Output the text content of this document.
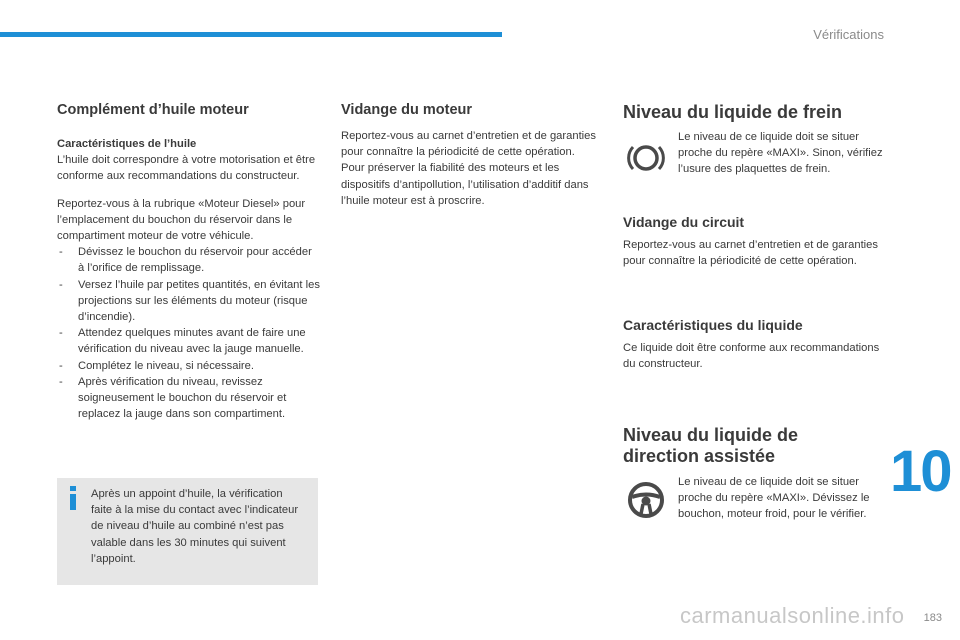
Vérifications
Complément d’huile moteur

Caractéristiques de l’huile

L’huile doit correspondre à votre motorisation et être conforme aux recommandations du constructeur.

Reportez-vous à la rubrique «Moteur Diesel» pour l’emplacement du bouchon du réservoir dans le compartiment moteur de votre véhicule.

- Dévissez le bouchon du réservoir pour accéder à l’orifice de remplissage.
- Versez l’huile par petites quantités, en évitant les projections sur les éléments du moteur (risque d’incendie).
- Attendez quelques minutes avant de faire une vérification du niveau avec la jauge manuelle.
- Complétez le niveau, si nécessaire.
- Après vérification du niveau, revissez soigneusement le bouchon du réservoir et replacez la jauge dans son compartiment.

Après un appoint d’huile, la vérification faite à la mise du contact avec l’indicateur de niveau d’huile au combiné n’est pas valable dans les 30 minutes qui suivent l’appoint.

Vidange du moteur

Reportez-vous au carnet d’entretien et de garanties pour connaître la périodicité de cette opération.

Pour préserver la fiabilité des moteurs et les dispositifs d’antipollution, l’utilisation d’additif dans l’huile moteur est à proscrire.

Niveau du liquide de frein

Le niveau de ce liquide doit se situer proche du repère «MAXI». Sinon, vérifiez l’usure des plaquettes de frein.

Vidange du circuit

Reportez-vous au carnet d’entretien et de garanties pour connaître la périodicité de cette opération.

Caractéristiques du liquide

Ce liquide doit être conforme aux recommandations du constructeur.

Niveau du liquide de
direction assistée

Le niveau de ce liquide doit se situer proche du repère «MAXI». Dévissez le bouchon, moteur froid, pour le vérifier.

10
carmanualsonline.info 183
